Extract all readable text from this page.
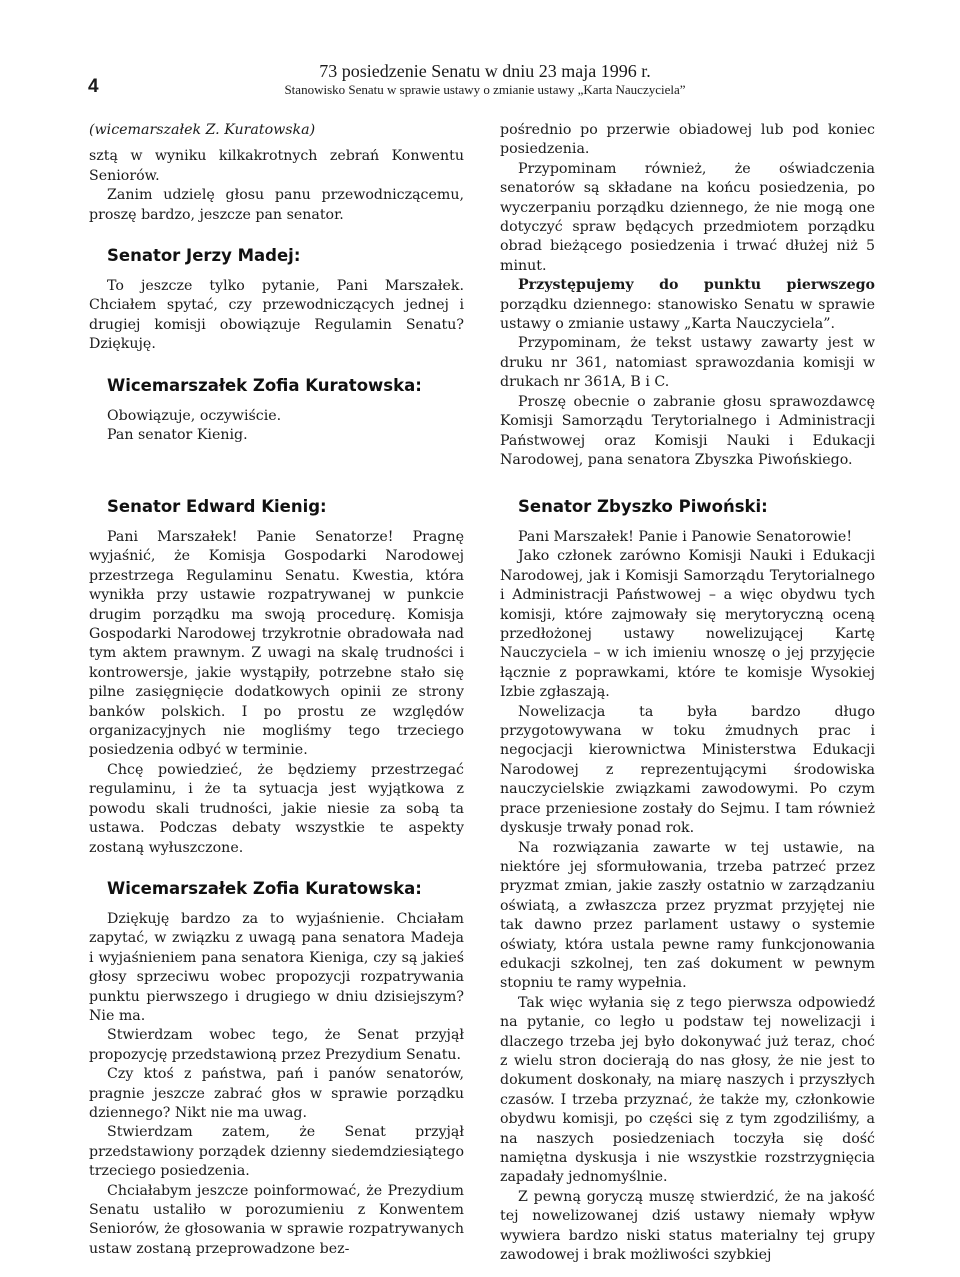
4
73 posiedzenie Senatu w dniu 23 maja 1996 r.
Stanowisko Senatu w sprawie ustawy o zmianie ustawy „Karta Nauczyciela”

(wicemarszałek Z. Kuratowska)

sztą w wyniku kilkakrotnych zebrań Konwentu Seniorów.

Zanim udzielę głosu panu przewodniczącemu, proszę bardzo, jeszcze pan senator.

Senator Jerzy Madej:

To jeszcze tylko pytanie, Pani Marszałek. Chciałem spytać, czy przewodniczących jednej i drugiej komisji obowiązuje Regulamin Senatu? Dziękuję.

Wicemarszałek Zofia Kuratowska:

Obowiązuje, oczywiście.

Pan senator Kienig.

pośrednio po przerwie obiadowej lub pod koniec posiedzenia.

Przypominam również, że oświadczenia senatorów są składane na końcu posiedzenia, po wyczerpaniu porządku dziennego, że nie mogą one dotyczyć spraw będących przedmiotem porządku obrad bieżącego posiedzenia i trwać dłużej niż 5 minut.

Przystępujemy do punktu pierwszego porządku dziennego: stanowisko Senatu w sprawie ustawy o zmianie ustawy „Karta Nauczyciela”.

Przypominam, że tekst ustawy zawarty jest w druku nr 361, natomiast sprawozdania komisji w drukach nr 361A, B i C.

Proszę obecnie o zabranie głosu sprawozdawcę Komisji Samorządu Terytorialnego i Administracji Państwowej oraz Komisji Nauki i Edukacji Narodowej, pana senatora Zbyszka Piwońskiego.

Senator Edward Kienig:

Pani Marszałek! Panie Senatorze! Pragnę wyjaśnić, że Komisja Gospodarki Narodowej przestrzega Regulaminu Senatu. Kwestia, która wynikła przy ustawie rozpatrywanej w punkcie drugim porządku ma swoją procedurę. Komisja Gospodarki Narodowej trzykrotnie obradowała nad tym aktem prawnym. Z uwagi na skalę trudności i kontrowersje, jakie wystąpiły, potrzebne stało się pilne zasięgnięcie dodatkowych opinii ze strony banków polskich. I po prostu ze względów organizacyjnych nie mogliśmy tego trzeciego posiedzenia odbyć w terminie.

Chcę powiedzieć, że będziemy przestrzegać regulaminu, i że ta sytuacja jest wyjątkowa z powodu skali trudności, jakie niesie za sobą ta ustawa. Podczas debaty wszystkie te aspekty zostaną wyłuszczone.

Wicemarszałek Zofia Kuratowska:

Dziękuję bardzo za to wyjaśnienie. Chciałam zapytać, w związku z uwagą pana senatora Madeja i wyjaśnieniem pana senatora Kieniga, czy są jakieś głosy sprzeciwu wobec propozycji rozpatrywania punktu pierwszego i drugiego w dniu dzisiejszym? Nie ma.

Stwierdzam wobec tego, że Senat przyjął propozycję przedstawioną przez Prezydium Senatu.

Czy ktoś z państwa, pań i panów senatorów, pragnie jeszcze zabrać głos w sprawie porządku dziennego? Nikt nie ma uwag.

Stwierdzam zatem, że Senat przyjął przedstawiony porządek dzienny siedemdziesiątego trzeciego posiedzenia.

Chciałabym jeszcze poinformować, że Prezydium Senatu ustaliło w porozumieniu z Konwentem Seniorów, że głosowania w sprawie rozpatrywanych ustaw zostaną przeprowadzone bez-

Senator Zbyszko Piwoński:

Pani Marszałek! Panie i Panowie Senatorowie!

Jako członek zarówno Komisji Nauki i Edukacji Narodowej, jak i Komisji Samorządu Terytorialnego i Administracji Państwowej – a więc obydwu tych komisji, które zajmowały się merytoryczną oceną przedłożonej ustawy nowelizującej Kartę Nauczyciela – w ich imieniu wnoszę o jej przyjęcie łącznie z poprawkami, które te komisje Wysokiej Izbie zgłaszają.

Nowelizacja ta była bardzo długo przygotowywana w toku żmudnych prac i negocjacji kierownictwa Ministerstwa Edukacji Narodowej z reprezentującymi środowiska nauczycielskie związkami zawodowymi. Po czym prace przeniesione zostały do Sejmu. I tam również dyskusje trwały ponad rok.

Na rozwiązania zawarte w tej ustawie, na niektóre jej sformułowania, trzeba patrzeć przez pryzmat zmian, jakie zaszły ostatnio w zarządzaniu oświatą, a zwłaszcza przez pryzmat przyjętej nie tak dawno przez parlament ustawy o systemie oświaty, która ustala pewne ramy funkcjonowania edukacji szkolnej, ten zaś dokument w pewnym stopniu te ramy wypełnia.

Tak więc wyłania się z tego pierwsza odpowiedź na pytanie, co legło u podstaw tej nowelizacji i dlaczego trzeba jej było dokonywać już teraz, choć z wielu stron docierają do nas głosy, że nie jest to dokument doskonały, na miarę naszych i przyszłych czasów. I trzeba przyznać, że także my, członkowie obydwu komisji, po części się z tym zgodziliśmy, a na naszych posiedzeniach toczyła się dość namiętna dyskusja i nie wszystkie rozstrzygnięcia zapadały jednomyślnie.

Z pewną goryczą muszę stwierdzić, że na jakość tej nowelizowanej dziś ustawy niemały wpływ wywiera bardzo niski status materialny tej grupy zawodowej i brak możliwości szybkiej
